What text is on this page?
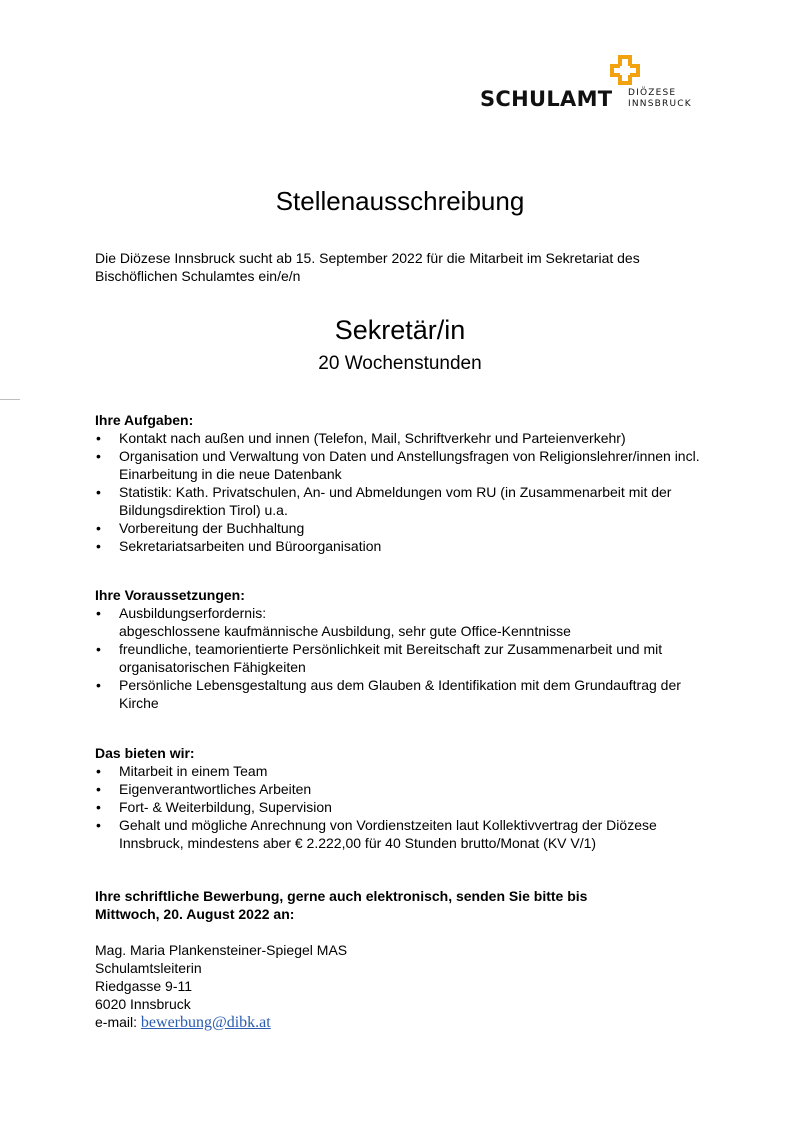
SCHULAMT DIÖZESE
INNSBRUCK
Stellenausschreibung
Die Diözese Innsbruck sucht ab 15. September 2022 für die Mitarbeit im Sekretariat des Bischöflichen Schulamtes ein/e/n
Sekretär/in
20 Wochenstunden
Ihre Aufgaben:
• Kontakt nach außen und innen (Telefon, Mail, Schriftverkehr und Parteienverkehr)
• Organisation und Verwaltung von Daten und Anstellungsfragen von Religionslehrer/innen incl. Einarbeitung in die neue Datenbank
• Statistik: Kath. Privatschulen, An- und Abmeldungen vom RU (in Zusammenarbeit mit der Bildungsdirektion Tirol) u.a.
• Vorbereitung der Buchhaltung
• Sekretariatsarbeiten und Büroorganisation
Ihre Voraussetzungen:
• Ausbildungserfordernis:
abgeschlossene kaufmännische Ausbildung, sehr gute Office-Kenntnisse
• freundliche, teamorientierte Persönlichkeit mit Bereitschaft zur Zusammenarbeit und mit organisatorischen Fähigkeiten
• Persönliche Lebensgestaltung aus dem Glauben & Identifikation mit dem Grundauftrag der Kirche
Das bieten wir:
• Mitarbeit in einem Team
• Eigenverantwortliches Arbeiten
• Fort- & Weiterbildung, Supervision
• Gehalt und mögliche Anrechnung von Vordienstzeiten laut Kollektivvertrag der Diözese Innsbruck, mindestens aber € 2.222,00 für 40 Stunden brutto/Monat (KV V/1)
Ihre schriftliche Bewerbung, gerne auch elektronisch, senden Sie bitte bis
Mittwoch, 20. August 2022 an:
Mag. Maria Plankensteiner-Spiegel MAS
Schulamtsleiterin
Riedgasse 9-11
6020 Innsbruck
e-mail: bewerbung@dibk.at
